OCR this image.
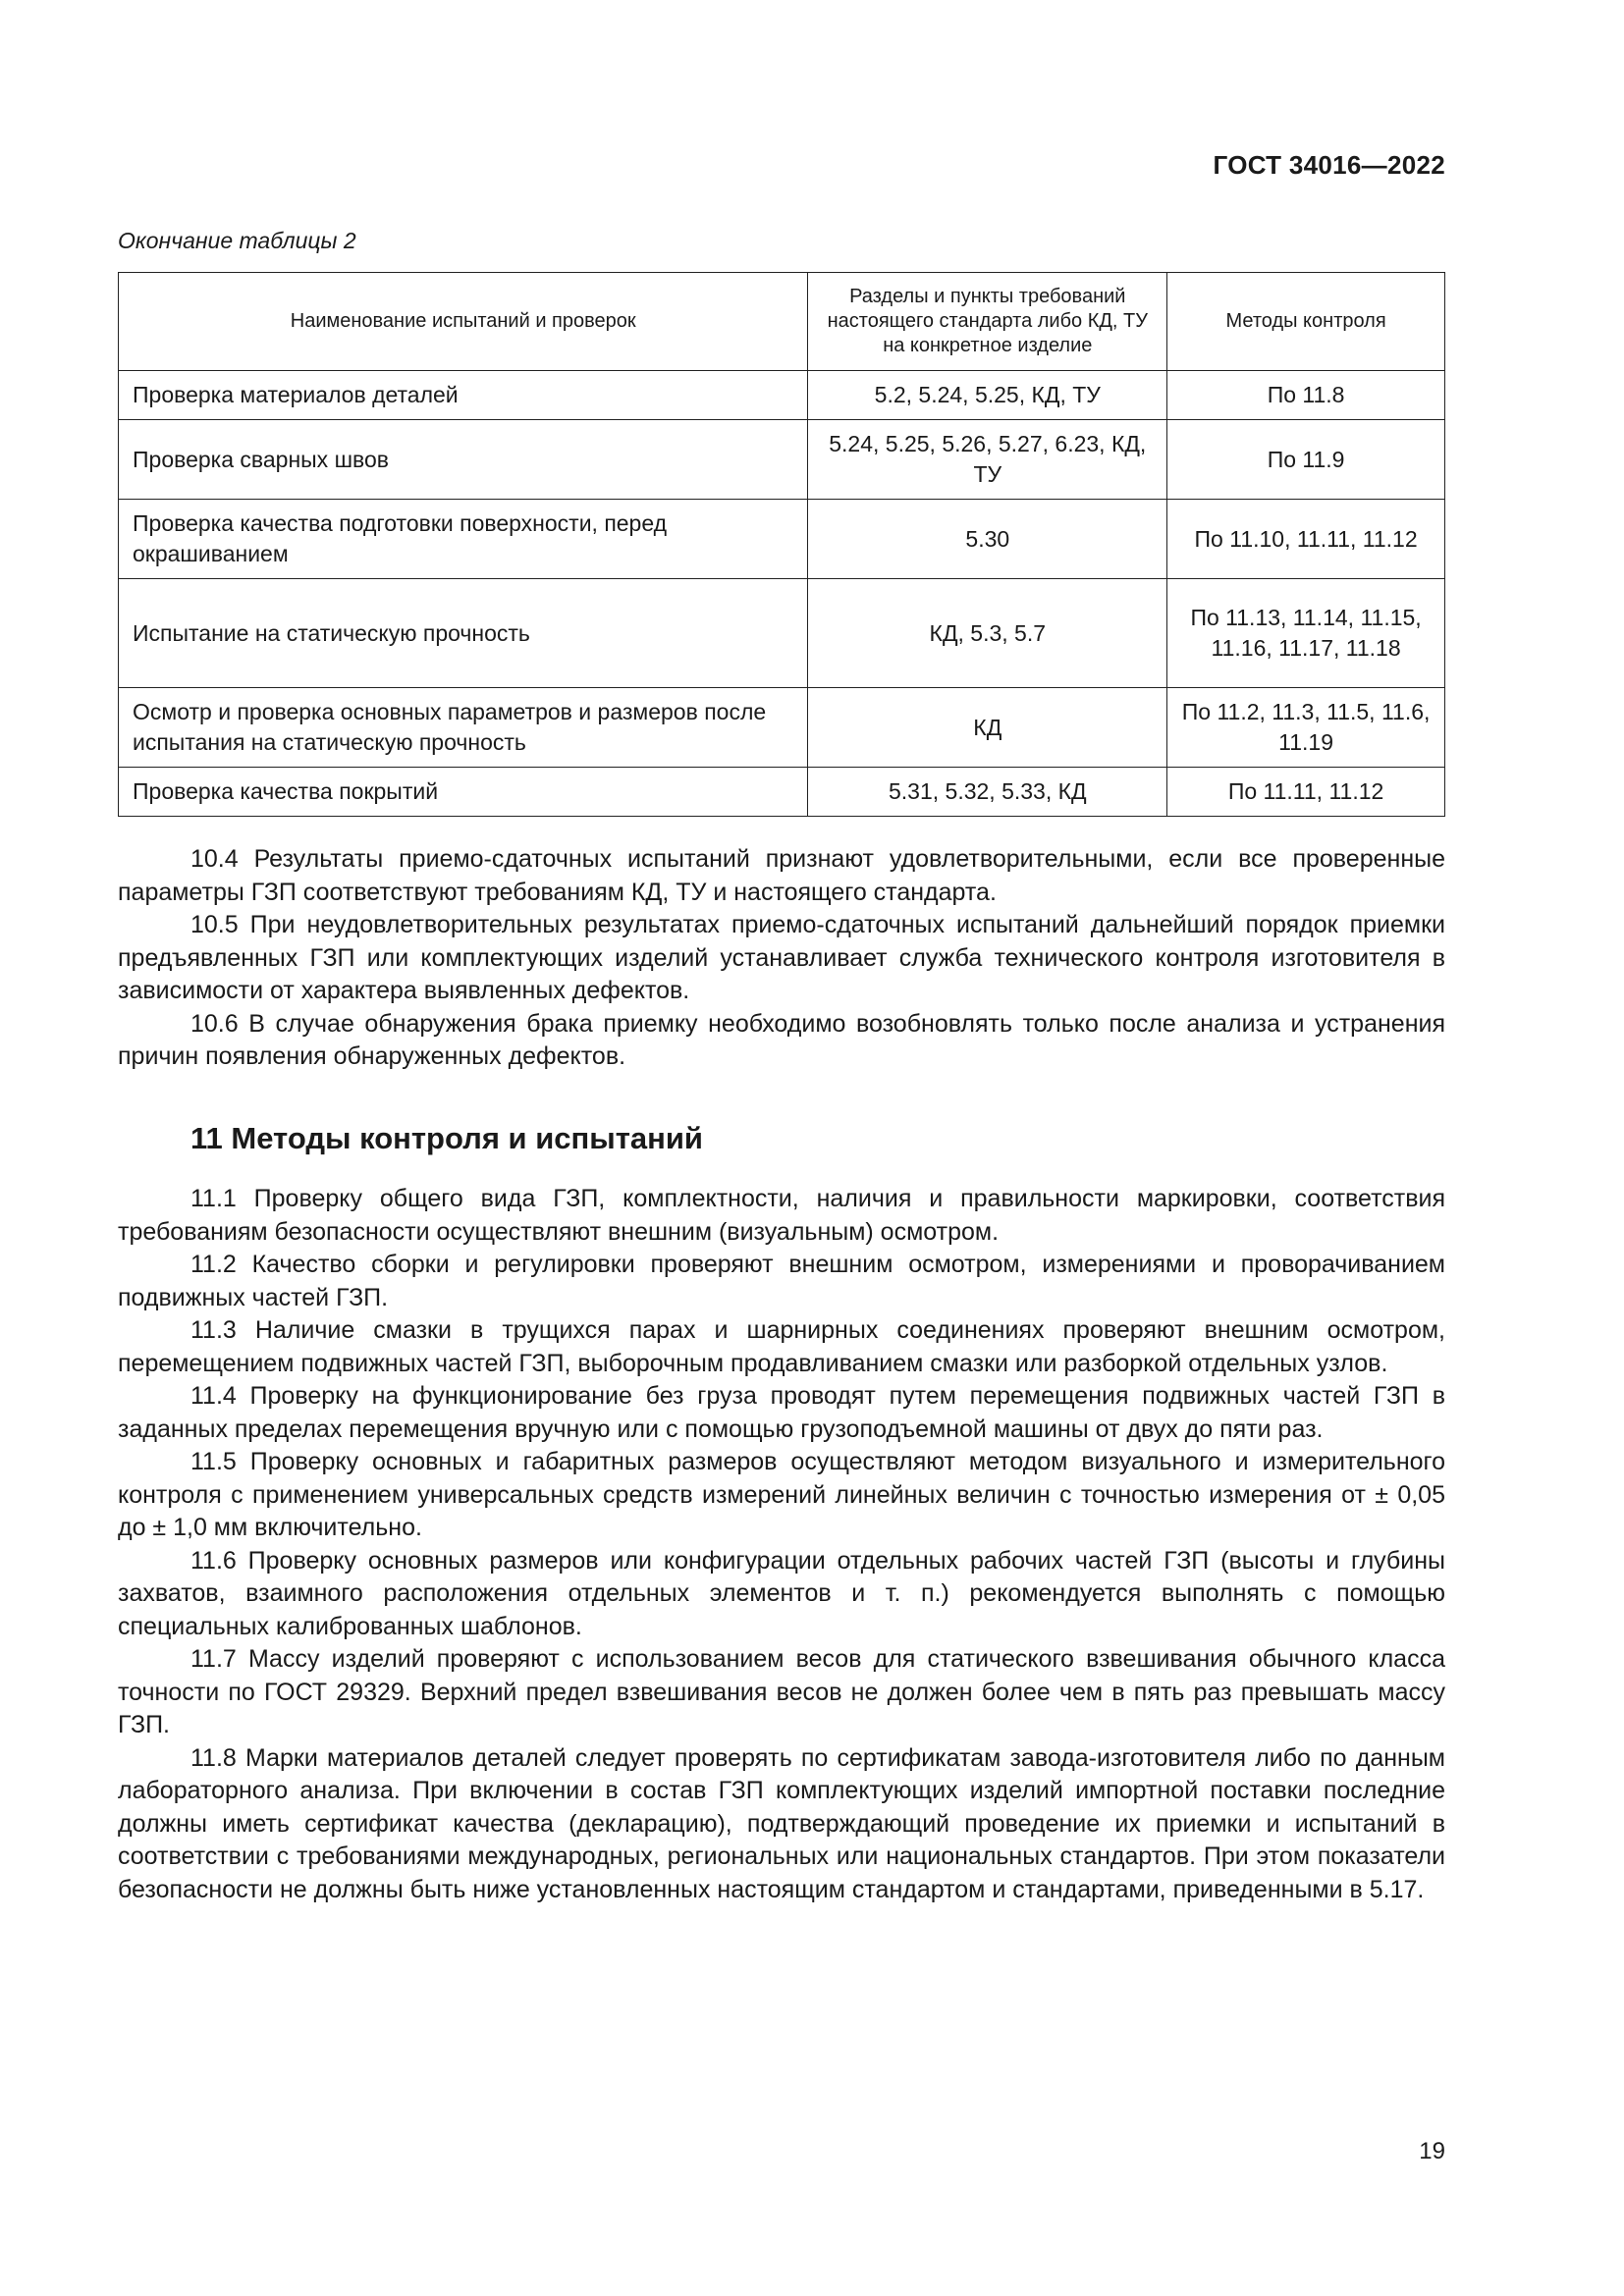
ГОСТ 34016—2022
Окончание таблицы 2
Наименование испытаний и проверок	Разделы и пункты требований настоящего стандарта либо КД, ТУ на конкретное изделие	Методы контроля
Проверка материалов деталей	5.2, 5.24, 5.25, КД, ТУ	По 11.8
Проверка сварных швов	5.24, 5.25, 5.26, 5.27, 6.23, КД, ТУ	По 11.9
Проверка качества подготовки поверхности, перед окрашиванием	5.30	По 11.10, 11.11, 11.12
Испытание на статическую прочность	КД, 5.3, 5.7	По 11.13, 11.14, 11.15, 11.16, 11.17, 11.18
Осмотр и проверка основных параметров и размеров после испытания на статическую прочность	КД	По 11.2, 11.3, 11.5, 11.6, 11.19
Проверка качества покрытий	5.31, 5.32, 5.33, КД	По 11.11, 11.12

10.4 Результаты приемо-сдаточных испытаний признают удовлетворительными, если все проверенные параметры ГЗП соответствуют требованиям КД, ТУ и настоящего стандарта.

10.5 При неудовлетворительных результатах приемо-сдаточных испытаний дальнейший порядок приемки предъявленных ГЗП или комплектующих изделий устанавливает служба технического контроля изготовителя в зависимости от характера выявленных дефектов.

10.6 В случае обнаружения брака приемку необходимо возобновлять только после анализа и устранения причин появления обнаруженных дефектов.

11 Методы контроля и испытаний

11.1 Проверку общего вида ГЗП, комплектности, наличия и правильности маркировки, соответствия требованиям безопасности осуществляют внешним (визуальным) осмотром.

11.2 Качество сборки и регулировки проверяют внешним осмотром, измерениями и проворачиванием подвижных частей ГЗП.

11.3 Наличие смазки в трущихся парах и шарнирных соединениях проверяют внешним осмотром, перемещением подвижных частей ГЗП, выборочным продавливанием смазки или разборкой отдельных узлов.

11.4 Проверку на функционирование без груза проводят путем перемещения подвижных частей ГЗП в заданных пределах перемещения вручную или с помощью грузоподъемной машины от двух до пяти раз.

11.5 Проверку основных и габаритных размеров осуществляют методом визуального и измерительного контроля с применением универсальных средств измерений линейных величин с точностью измерения от ± 0,05 до ± 1,0 мм включительно.

11.6 Проверку основных размеров или конфигурации отдельных рабочих частей ГЗП (высоты и глубины захватов, взаимного расположения отдельных элементов и т. п.) рекомендуется выполнять с помощью специальных калиброванных шаблонов.

11.7 Массу изделий проверяют с использованием весов для статического взвешивания обычного класса точности по ГОСТ 29329. Верхний предел взвешивания весов не должен более чем в пять раз превышать массу ГЗП.

11.8 Марки материалов деталей следует проверять по сертификатам завода-изготовителя либо по данным лабораторного анализа. При включении в состав ГЗП комплектующих изделий импортной поставки последние должны иметь сертификат качества (декларацию), подтверждающий проведение их приемки и испытаний в соответствии с требованиями международных, региональных или национальных стандартов. При этом показатели безопасности не должны быть ниже установленных настоящим стандартом и стандартами, приведенными в 5.17.

19
